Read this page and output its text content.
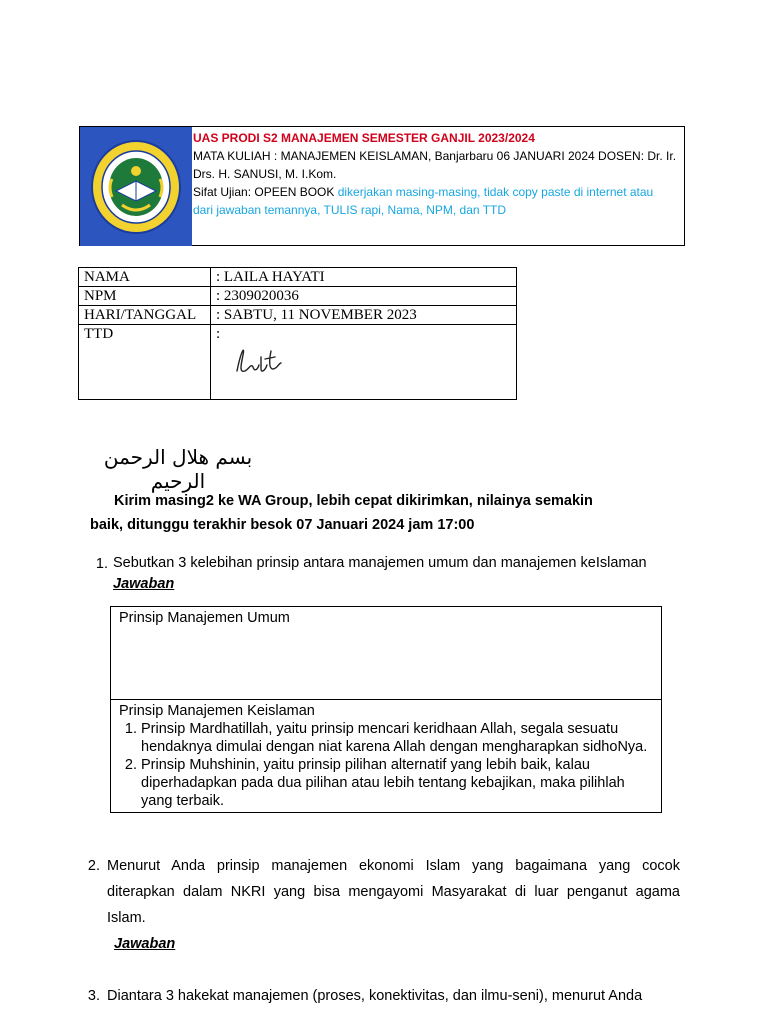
UAS PRODI S2 MANAJEMEN SEMESTER GANJIL 2023/2024
MATA KULIAH : MANAJEMEN KEISLAMAN, Banjarbaru 06 JANUARI 2024 DOSEN: Dr. Ir.
Drs. H. SANUSI, M. I.Kom.
Sifat Ujian: OPEEN BOOK dikerjakan masing-masing, tidak copy paste di internet atau
dari jawaban temannya, TULIS rapi, Nama, NPM, dan TTD
NAMA	: LAILA HAYATI
NPM	: 2309020036
HARI/TANGGAL	: SABTU, 11 NOVEMBER 2023
TTD	:
بسم هلال الرحمن الرحيم
Kirim masing2 ke WA Group, lebih cepat dikirimkan, nilainya semakin
baik, ditunggu terakhir besok 07 Januari 2024 jam 17:00
1. Sebutkan 3 kelebihan prinsip antara manajemen umum dan manajemen keIslaman
Jawaban
Prinsip Manajemen Umum

Prinsip Manajemen Keislaman
1. Prinsip Mardhatillah, yaitu prinsip mencari keridhaan Allah, segala sesuatu hendaknya dimulai dengan niat karena Allah dengan mengharapkan sidhoNya.
2. Prinsip Muhshinin, yaitu prinsip pilihan alternatif yang lebih baik, kalau diperhadapkan pada dua pilihan atau lebih tentang kebajikan, maka pilihlah yang terbaik.
2. Menurut Anda prinsip manajemen ekonomi Islam yang bagaimana yang cocok diterapkan dalam NKRI yang bisa mengayomi Masyarakat di luar penganut agama Islam.
Jawaban
3. Diantara 3 hakekat manajemen (proses, konektivitas, dan ilmu-seni), menurut Anda
